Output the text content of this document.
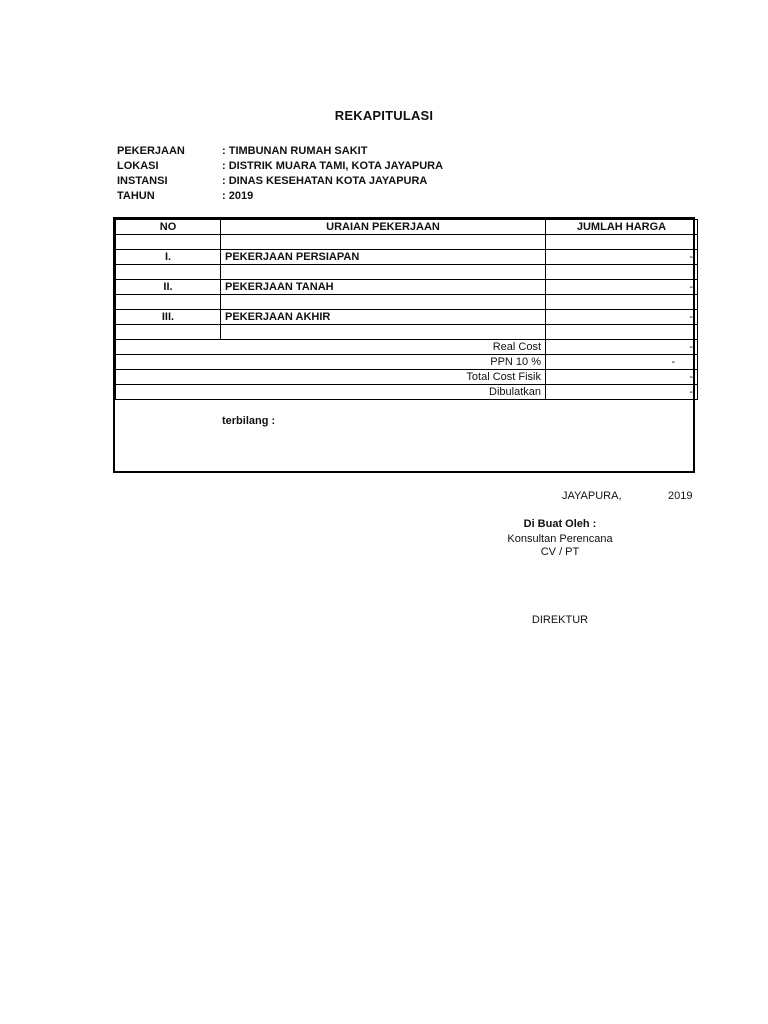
REKAPITULASI
PEKERJAAN	: TIMBUNAN RUMAH SAKIT
LOKASI	: DISTRIK MUARA TAMI, KOTA JAYAPURA
INSTANSI	: DINAS KESEHATAN KOTA JAYAPURA
TAHUN	: 2019
NO	URAIAN PEKERJAAN	JUMLAH HARGA

I.	PEKERJAAN PERSIAPAN	-

II.	PEKERJAAN TANAH	-

III.	PEKERJAAN AKHIR	-

Real Cost		-
PPN 10 %		-
Total Cost Fisik		-
Dibulatkan		-
terbilang :
JAYAPURA,	2019
Di Buat Oleh :
Konsultan Perencana
CV / PT
DIREKTUR
